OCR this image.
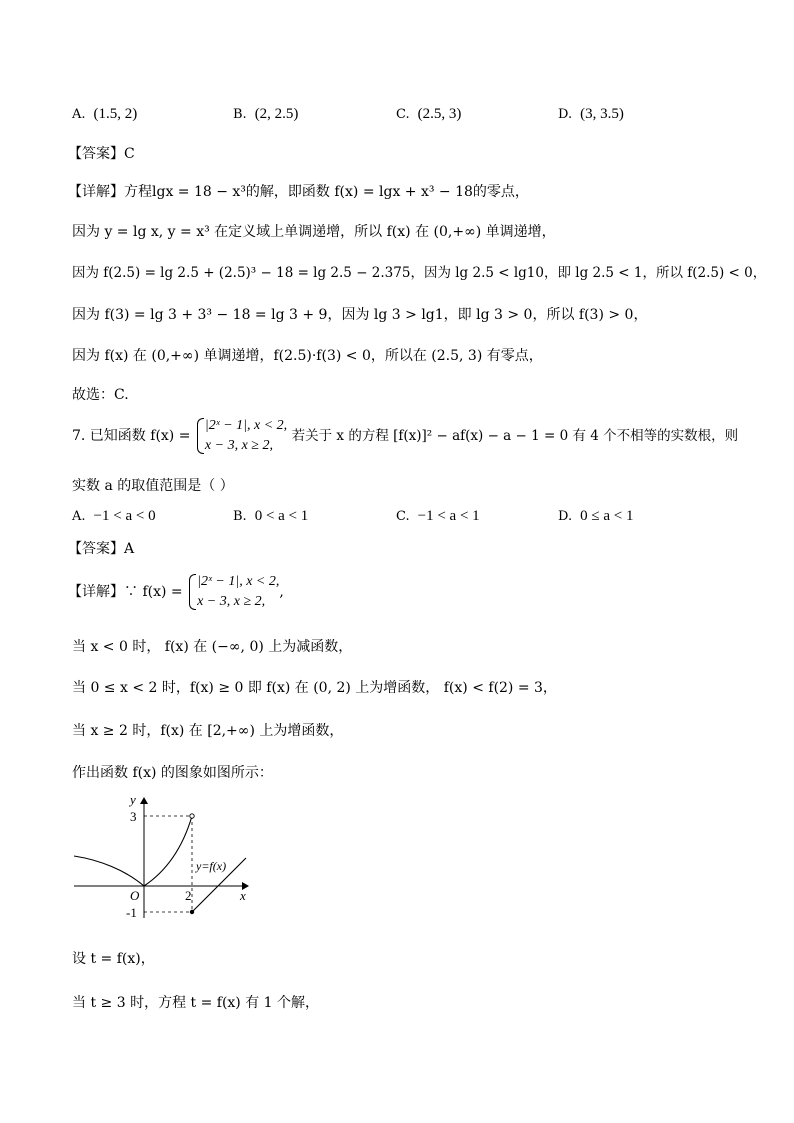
A. (1.5, 2)	B. (2, 2.5)	C. (2.5, 3)	D. (3, 3.5)
【答案】C
【详解】方程lgx = 18 − x³的解，即函数 f(x) = lgx + x³ − 18的零点，
因为 y = lg x, y = x³ 在定义域上单调递增，所以 f(x) 在 (0,+∞) 单调递增，
因为 f(2.5) = lg 2.5 + (2.5)³ − 18 = lg 2.5 − 2.375，因为 lg 2.5 < lg10，即 lg 2.5 < 1，所以 f(2.5) < 0，
因为 f(3) = lg 3 + 3³ − 18 = lg 3 + 9，因为 lg 3 > lg1，即 lg 3 > 0，所以 f(3) > 0，
因为 f(x) 在 (0,+∞) 单调递增，f(2.5)·f(3) < 0，所以在 (2.5, 3) 有零点，
故选：C.
7. 已知函数 f(x) =
|2ˣ − 1|, x < 2,
x − 3, x ≥ 2,
若关于 x 的方程 [f(x)]² − af(x) − a − 1 = 0 有 4 个不相等的实数根，则
实数 a 的取值范围是（ ）
A. −1 < a < 0	B. 0 < a < 1	C. −1 < a < 1	D. 0 ≤ a < 1
【答案】A
【详解】∵ f(x) =
|2ˣ − 1|, x < 2,
x − 3, x ≥ 2,
,
当 x < 0 时， f(x) 在 (−∞, 0) 上为减函数，
当 0 ≤ x < 2 时，f(x) ≥ 0 即 f(x) 在 (0, 2) 上为增函数， f(x) < f(2) = 3，
当 x ≥ 2 时，f(x) 在 [2,+∞) 上为增函数，
作出函数 f(x) 的图象如图所示：
y
x
O
3
-1
2
y=f(x)
设 t = f(x)，
当 t ≥ 3 时，方程 t = f(x) 有 1 个解，
